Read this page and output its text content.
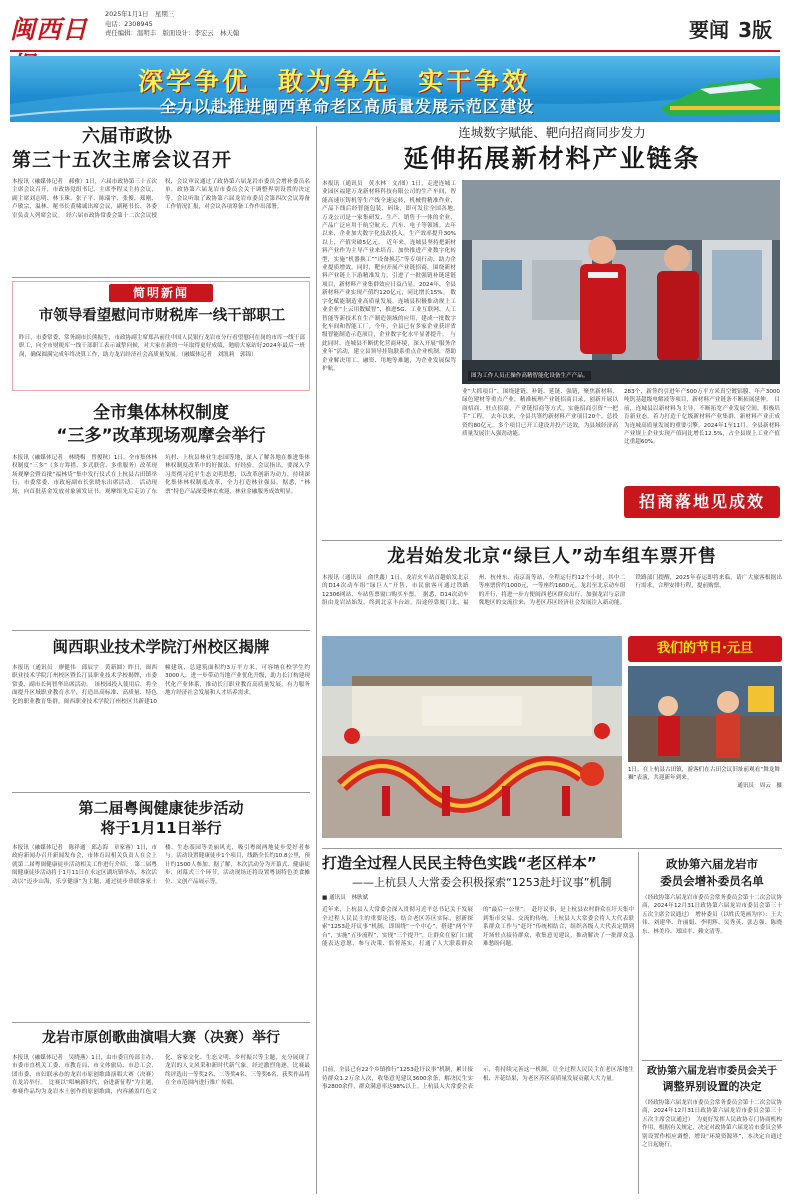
闽西日
2025年1月1日　星期三
电话：2308945
责任编辑：温明丰　版面设计：李宏云　林天翰	要闻 3版
深学争优　敢为争先　实干争效
全力以赴推进闽西革命老区高质量发展示范区建设
六届市政协
第三十五次主席会议召开
本报讯（融媒体记者　郝雅）1日，六届市政协第三十五次主席会议召开，市政协党组书记、主席李程义主持会议，副主席刘志明、林玉珠、张子平、陈瑞宇、张俊、郑刚、卢敏宗、温林、秘书长黄啸诚出席会议，副秘书长、各委室负责人列席会议。　经六届市政协常委会第十二次会议授权，会议审议通过了政协第六届龙岩市委员会增补委员名单，政协第六届龙岩市委员会关于调整界别设置的决定等。会议听取了政协第六届龙岩市委员会第四次会议筹备工作情况汇报，对会议各项筹备工作作出部署。
简明新闻
市领导看望慰问市财税库一线干部职工
昨日，市委常委、常务副市长熊振生，市政协副主席郑昌前往中国人民银行龙岩市分行看望慰问在岗的市库一线干部职工，向全市财税库一线干部职工表示诚挚问候，对大家在新的一年取得更好成绩，勉励大家站好2024年最后一班岗，确保圆满完成年终决算工作，助力龙岩经济社会高质量发展。（融媒体记者　刘凯莉　郭锦）
全市集体林权制度
“三多”改革现场观摩会举行
本报讯（融媒体记者　林晓梅　曾俊秋）1日，全市集体林权制度“三多”（多方筹措、多式联营、多重服务）改革现场观摩会暨首批“福林贷”集中发行仪式在上杭县古田镇举行，市委常委、市政府副市长张晓东出席活动。　活动现场，向首批基金发放对象颁发证书。观摩组先后走访了东坑村、上杭县林业生态园等地，深入了解各地在推进集体林权制度改革中的好做法、好经验。会议指出，要深入学习贯彻习近平生态文明思想，以改革创新为动力，持续深化集体林权制度改革，全力打造林业强县。据悉，“林票”特色产品深受林农欢迎，林业金融服务成效明显。
闽西职业技术学院汀州校区揭牌
本报讯（通讯员　廖健伟　邱辰宇　黄新圆）昨日，闽西职业技术学院汀州校区暨长汀县职业技术学校揭牌，市委常委、副市长何智华出席活动。　该校园投入使用后，将全面提升区域职业教育水平，打造出高标准、高质量、特色化的职业教育集群。闽西职业技术学院汀州校区共新建10幢建筑，总建筑面积约3万平方米，可容纳在校学生约3000人，进一步带动当地产业优化升级，助力长汀构建现代化产业体系，推动长汀职业教育高质量发展，有力服务地方经济社会发展和人才培养需求。
第二届粤闽健康徒步活动
将于1月11日举行
本报讯（融媒体记者　陈祥通　邱志海　章家睿）1日，市政府新闻办召开新闻发布会，市体育局相关负责人在会上就第二届粤闽健康徒步活动相关工作进行介绍。　第二届粤闽健康徒步活动将于1月11日在永定区湖坑镇举办，本次活动以“迈步山海，乐享健康”为主题，通过徒步串联客家土楼、生态茶园等美丽风光，吸引粤闽两地徒步爱好者参与。活动设置健康徒步1个项目，线路全长约10.8公里，预计约1500人参加。据了解，本次活动分为开幕式、健康徒步、闭幕式三个环节，活动现场还将设置粤闽特色美食摊位、文创产品展示等。
龙岩市原创歌曲演唱大赛（决赛）举行
本报讯（融媒体记者　吴晓燕）1日，由市委宣传部主办，市委市直机关工委、市教育局、市文体旅局、市总工会、团市委、市妇联承办的龙岩市原创歌曲演唱大赛（决赛）在龙岩举行。　比赛以“唱响新时代，奋进新征程”为主题，参赛作品均为龙岩本土创作的原创歌曲，内容涵盖红色文化、客家文化、生态文明、乡村振兴等主题，充分展现了龙岩的人文风采和新时代新气象。经过激烈角逐，比赛最终评选出一等奖2名、二等奖4名、三等奖6名，获奖作品将在全市范围内进行推广传唱。
连城数字赋能、靶向招商同步发力
延伸拓展新材料产业链条
本报讯（通讯员　黄水林　文/图）1日，走进连城工业园区福建万龙新材料科技有限公司的生产车间，智能高速压铸机等生产线全速运转，机械臂精准作业，产品下线后经智能包装、码垛，即可发往全国各地。　万龙公司是一家集研发、生产、销售于一体的企业，产品广泛应用于航空航天、汽车、电子等领域。去年以来，企业加大数字化技改投入，生产效率提升30%以上，产值突破5亿元。　近年来，连城县坚持把新材料产业作为主导产业来培育，加快推进产业数字化转型，实施“机器换工”“设备换芯”等专项行动，助力企业提质增效。同时，靶向开展产业链招商，围绕新材料产业链上下游精准发力，引进了一批强链补链延链项目，新材料产业集群效应日益凸显。2024年，全县新材料产业实现产值约120亿元，同比增长15%。 数字化赋能制造业高质量发展。连城县积极推动规上工业企业“上云用数赋智”，推进5G、工业互联网、人工智能等新技术在生产制造领域的应用，建成一批数字化车间和智能工厂。今年，全县已有多家企业获评省级智能制造示范项目，企业数字化水平显著提升。　与此同时，连城县不断优化营商环境，深入开展“服务企业年”活动，建立县领导挂钩联系重点企业机制，帮助企业解决用工、融资、用地等难题，为企业发展保驾护航。
图为工作人员正操作高精智能化设备生产产品。
业“大抓项目”，围绕建链、补链、延链、强链，聚焦新材料、绿色建材等重点产业，精准梳理产业链招商目录，创新开展以商招商、驻点招商、产业链招商等方式，实施招商引资“一把手”工程。　去年以来，全县共签约新材料产业项目20个，总投资约80亿元，多个项目已开工建设并投产达效，为县域经济高质量发展注入强劲动能。
283个，新签约引进年产500万平方米真空镀铝膜、年产3000吨钒基超级电解液等项目，新材料产业链条不断拓展延伸。　目前，连城县以新材料为主导，不断拓宽产业发展空间，积极培育新业态，着力打造千亿级新材料产业集群，新材料产业正成为连城高质量发展的重要引擎。2024年1至11月，全县新材料产业规上企业实现产值同比增长12.5%，占全县规上工业产值比重超60%。
招商落地见成效
龙岩始发北京“绿巨人”动车组车票开售
本报讯（通讯员　俞世鑫）1日，龙岩火车站首趟始发北京的D14次动车组“绿巨人”开售，市民旅客可通过铁路12306网站、车站售票窗口购买车票。　据悉，D14次动车组由龙岩站始发，终到北京丰台站，沿途停靠厦门北、福州、杭州东、南京南等站，全程运行约12个小时，其中二等座票价约1000元，一等座约1600元。龙岩至北京动车组的开行，将进一步方便闽西老区群众出行，加强龙岩与京津冀地区的交流往来，为老区苏区经济社会发展注入新动能。铁路部门提醒，2025年春运即将来临，请广大旅客根据出行需求，合理安排行程，提前购票。
我们的节日·元旦
1日，在上杭县古田镇，游客们在古田会议旧址前观看“舞龙舞狮”表演，共迎新年到来。
通讯员　周云　摄
打造全过程人民民主特色实践“老区样本”
——上杭县人大常委会积极探索“1253赴圩议事”机制
■ 通讯员　林耿斌
近年来，上杭县人大常委会深入贯彻习近平总书记关于发展全过程人民民主的重要论述，结合老区苏区实际，创新探索“1253赴圩议事”机制，即围绕“一个中心”，搭建“两个平台”，实施“五步流程”，实现“三个提升”，让群众在家门口就能表达意愿、参与决策、监督落实，打通了人大联系群众的“最后一公里”。　赴圩议事，是上杭县农村群众在圩天集中到集市交易、交流的传统。上杭县人大常委会将人大代表联系群众工作与“赶圩”传统相结合，组织各级人大代表定期到圩场驻点接待群众，收集意见建议，推动解决了一批群众急难愁盼问题。
目前，全县已有22个乡镇推行“1253赴圩议事”机制，累计接待群众1.2万余人次，收集意见建议3600余条，解决民生实事2800余件，群众满意率达98%以上。上杭县人大常委会表示，将持续完善这一机制，让全过程人民民主在老区落地生根、开花结果，为老区苏区高质量发展贡献人大力量。
政协第六届龙岩市
委员会增补委员名单
（经政协第六届龙岩市委员会常务委员会第十二次会议协商，2024年12月31日政协第六届龙岩市委员会第三十五次主席会议通过）　增补委员（以姓氏笔画为序）：王大伟、刘建华、许丽娟、李明辉、吴秀英、张志强、陈晓东、林美玲、郑国平、赖文清等。
政协第六届龙岩市委员会关于
调整界别设置的决定
（经政协第六届龙岩市委员会常务委员会第十二次会议协商，2024年12月31日政协第六届龙岩市委员会第三十五次主席会议通过）　为更好发挥人民政协专门协商机构作用，根据有关规定，决定对政协第六届龙岩市委员会界别设置作相应调整，增设“环境资源界”，本决定自通过之日起施行。
